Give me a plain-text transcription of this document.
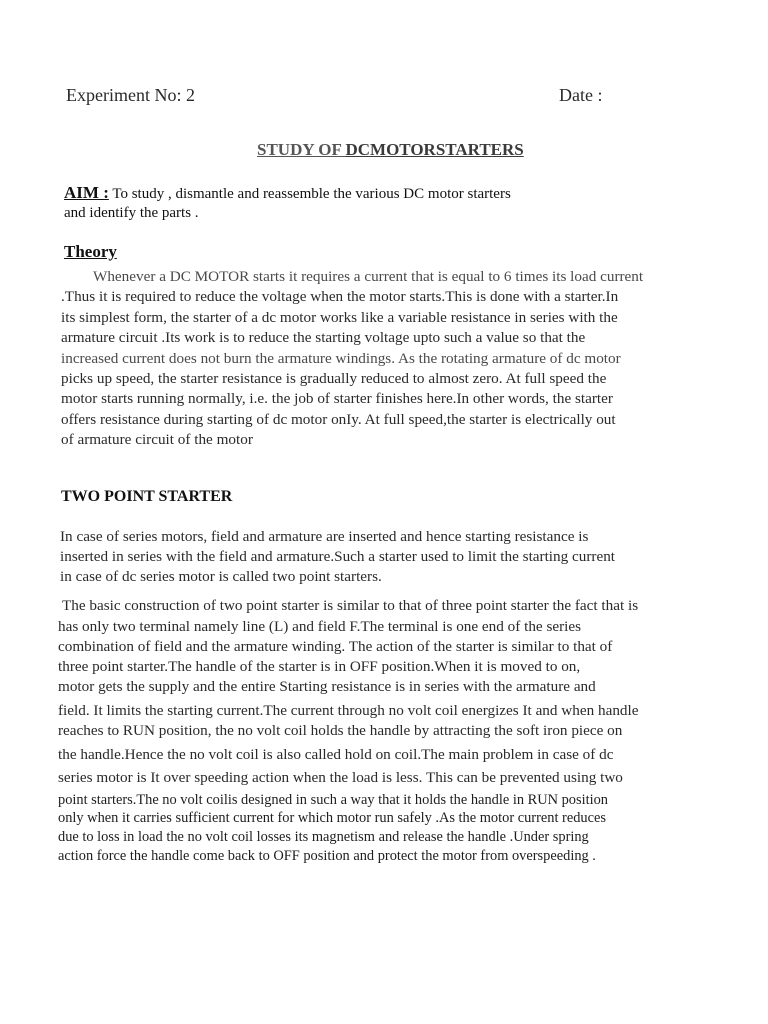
Experiment No: 2	Date :
STUDY OF DCMOTORSTARTERS
AIM : To study , dismantle and reassemble the various DC motor starters
and identify the parts .
Theory
Whenever a DC MOTOR starts it requires a current that is equal to 6 times its load current
.Thus it is required to reduce the voltage when the motor starts.This is done with a starter.In
its simplest form, the starter of a dc motor works like a variable resistance in series with the
armature circuit .Its work is to reduce the starting voltage upto such a value so that the
increased current does not burn the armature windings. As the rotating armature of dc motor
picks up speed, the starter resistance is gradually reduced to almost zero. At full speed the
motor starts running normally, i.e. the job of starter finishes here.In other words, the starter
offers resistance during starting of dc motor onIy. At full speed,the starter is electrically out
of armature circuit of the motor
TWO POINT STARTER
In case of series motors, field and armature are inserted and hence starting resistance is
inserted in series with the field and armature.Such a starter used to limit the starting current
in case of dc series motor is called two point starters.
The basic construction of two point starter is similar to that of three point starter the fact that is
has only two terminal namely line (L) and field F.The terminal is one end of the series
combination of field and the armature winding. The action of the starter is similar to that of
three point starter.The handle of the starter is in OFF position.When it is moved to on,
motor gets the supply and the entire Starting resistance is in series with the armature and
field. It limits the starting current.The current through no volt coil energizes It and when handle
reaches to RUN position, the no volt coil holds the handle by attracting the soft iron piece on
the handle.Hence the no volt coil is also called hold on coil.The main problem in case of dc
series motor is It over speeding action when the load is less. This can be prevented using two
point starters.The no volt coilis designed in such a way that it holds the handle in RUN position
only when it carries sufficient current for which motor run safely .As the motor current reduces
due to loss in load the no volt coil losses its magnetism and release the handle .Under spring
action force the handle come back to OFF position and protect the motor from overspeeding .
